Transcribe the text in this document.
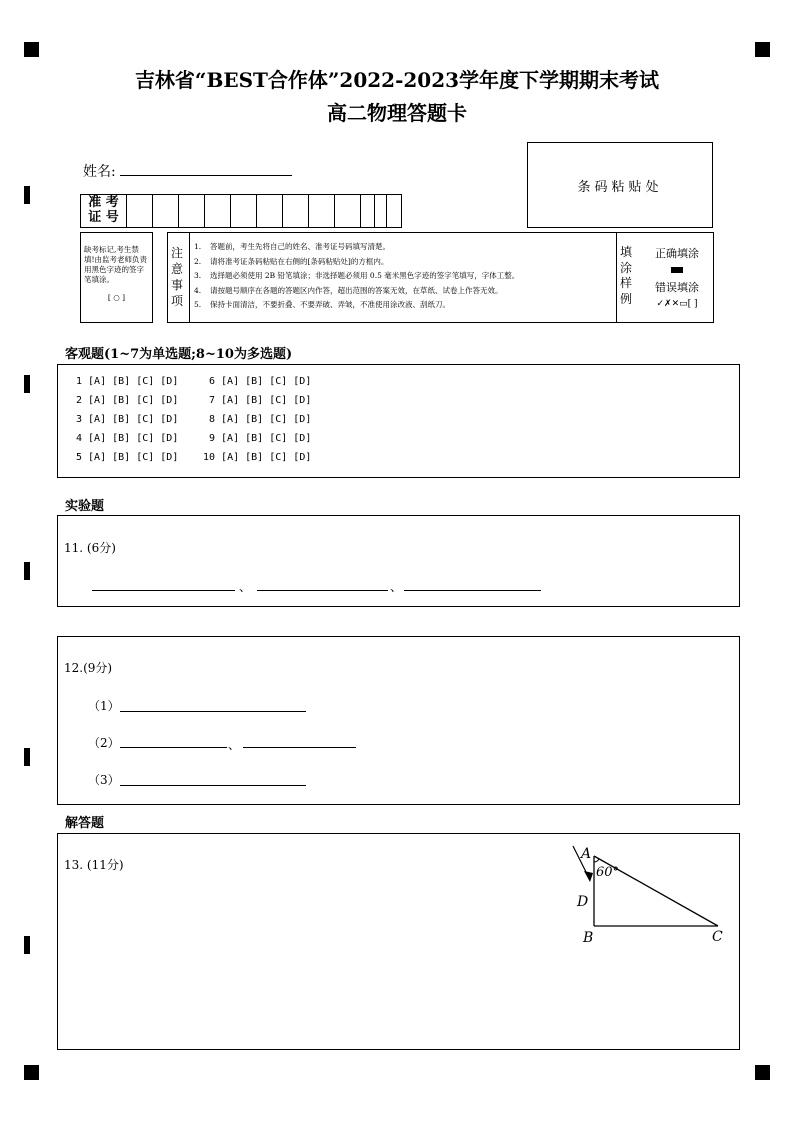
吉林省“BEST合作体”2022-2023学年度下学期期末考试
高二物理答题卡
姓名:
条码粘贴处
准 考
证 号
缺考标记,考生禁填!由监考老师负责用黑色字迹的签字笔填涂。
[ ○ ]
注
意
事
项
1. 答题前，考生先将自己的姓名、准考证号码填写清楚。
2. 请将准考证条码粘贴在右侧的[条码粘贴处]的方框内。
3. 选择题必须使用 2B 铅笔填涂；非选择题必须用 0.5 毫米黑色字迹的签字笔填写，字体工整。
4. 请按题号顺序在各题的答题区内作答，超出范围的答案无效，在草纸、试卷上作答无效。
5. 保持卡面清洁，不要折叠、不要弄破、弄皱，不准使用涂改液、刮纸刀。
填
涂
样
例
正确填涂
错误填涂
✓✗✕▭[ ]
客观题(1~7为单选题;8~10为多选题)
1 [A] [B] [C] [D]
2 [A] [B] [C] [D]
3 [A] [B] [C] [D]
4 [A] [B] [C] [D]
5 [A] [B] [C] [D]
6 [A] [B] [C] [D]
7 [A] [B] [C] [D]
8 [A] [B] [C] [D]
9 [A] [B] [C] [D]
10 [A] [B] [C] [D]
实验题
11. (6分)
、	、
12.(9分)
（1）
（2）	、
（3）
解答题
13. (11分)
A
60°
D
B	C
